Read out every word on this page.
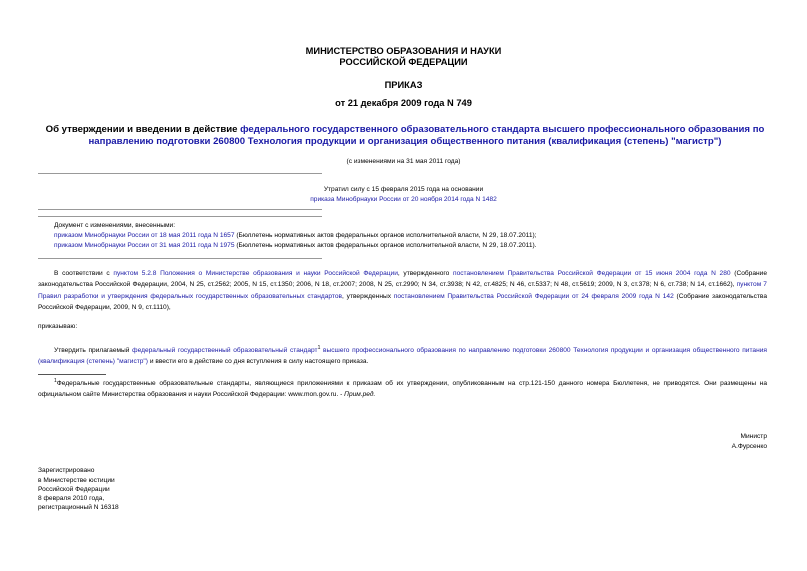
МИНИСТЕРСТВО ОБРАЗОВАНИЯ И НАУКИ
РОССИЙСКОЙ ФЕДЕРАЦИИ
ПРИКАЗ
от 21 декабря 2009 года N 749
Об утверждении и введении в действие федерального государственного образовательного стандарта высшего профессионального образования по направлению подготовки 260800 Технология продукции и организация общественного питания (квалификация (степень) "магистр")
(с изменениями на 31 мая 2011 года)
Утратил силу с 15 февраля 2015 года на основании
приказа Минобрнауки России от 20 ноября 2014 года N 1482
Документ с изменениями, внесенными:
приказом Минобрнауки России от 18 мая 2011 года N 1657 (Бюллетень нормативных актов федеральных органов исполнительной власти, N 29, 18.07.2011);
приказом Минобрнауки России от 31 мая 2011 года N 1975 (Бюллетень нормативных актов федеральных органов исполнительной власти, N 29, 18.07.2011).
В соответствии с пунктом 5.2.8 Положения о Министерстве образования и науки Российской Федерации, утвержденного постановлением Правительства Российской Федерации от 15 июня 2004 года N 280 (Собрание законодательства Российской Федерации, 2004, N 25, ст.2562; 2005, N 15, ст.1350; 2006, N 18, ст.2007; 2008, N 25, ст.2990; N 34, ст.3938; N 42, ст.4825; N 46, ст.5337; N 48, ст.5619; 2009, N 3, ст.378; N 6, ст.738; N 14, ст.1662), пунктом 7 Правил разработки и утверждения федеральных государственных образовательных стандартов, утвержденных постановлением Правительства Российской Федерации от 24 февраля 2009 года N 142 (Собрание законодательства Российской Федерации, 2009, N 9, ст.1110),
приказываю:
Утвердить прилагаемый федеральный государственный образовательный стандарт$^1$ высшего профессионального образования по направлению подготовки 260800 Технология продукции и организация общественного питания (квалификация (степень) "магистр") и ввести его в действие со дня вступления в силу настоящего приказа.
$^1$Федеральные государственные образовательные стандарты, являющиеся приложениями к приказам об их утверждении, опубликованным на стр.121-150 данного номера Бюллетеня, не приводятся. Они размещены на официальном сайте Министерства образования и науки Российской Федерации: www.mon.gov.ru. - Прим.ред.
Министр
А.Фурсенко
Зарегистрировано
в Министерстве юстиции
Российской Федерации
8 февраля 2010 года,
регистрационный N 16318
